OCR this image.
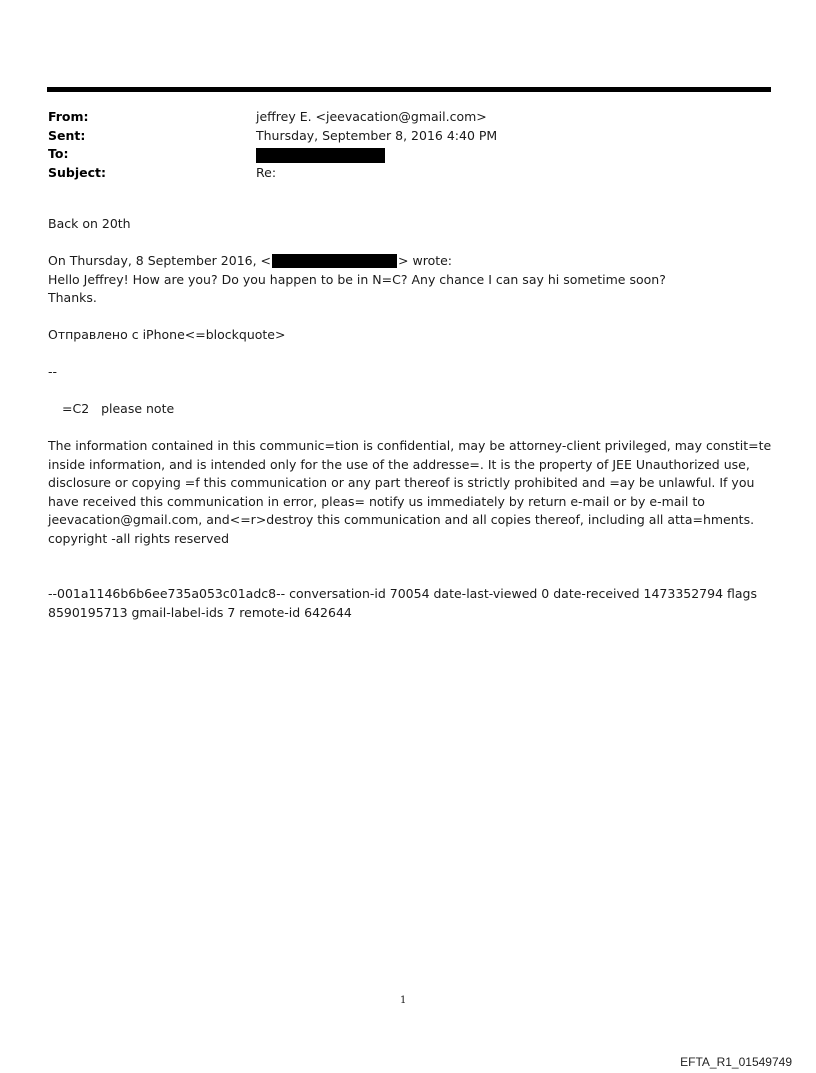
From:	jeffrey E. <jeevacation@gmail.com>
Sent:	Thursday, September 8, 2016 4:40 PM
To:
Subject:	Re:

Back on 20th

On Thursday, 8 September 2016, <	> wrote:

Hello Jeffrey! How are you? Do you happen to be in N=C? Any chance I can say hi sometime soon?

Thanks.

Отправлено с iPhone<=blockquote>

--

=C2   please note

The information contained in this communic=tion is confidential, may be attorney-client privileged, may constit=te inside information, and is intended only for the use of the addresse=. It is the property of JEE Unauthorized use, disclosure or copying =f this communication or any part thereof is strictly prohibited and =ay be unlawful. If you have received this communication in error, pleas= notify us immediately by return e-mail or by e-mail to jeevacation@gmail.com, and<=r>destroy this communication and all copies thereof, including all atta=hments. copyright -all rights reserved

--001a1146b6b6ee735a053c01adc8-- conversation-id 70054 date-last-viewed 0 date-received 1473352794 flags 8590195713 gmail-label-ids 7 remote-id 642644

1
EFTA_R1_01549749
